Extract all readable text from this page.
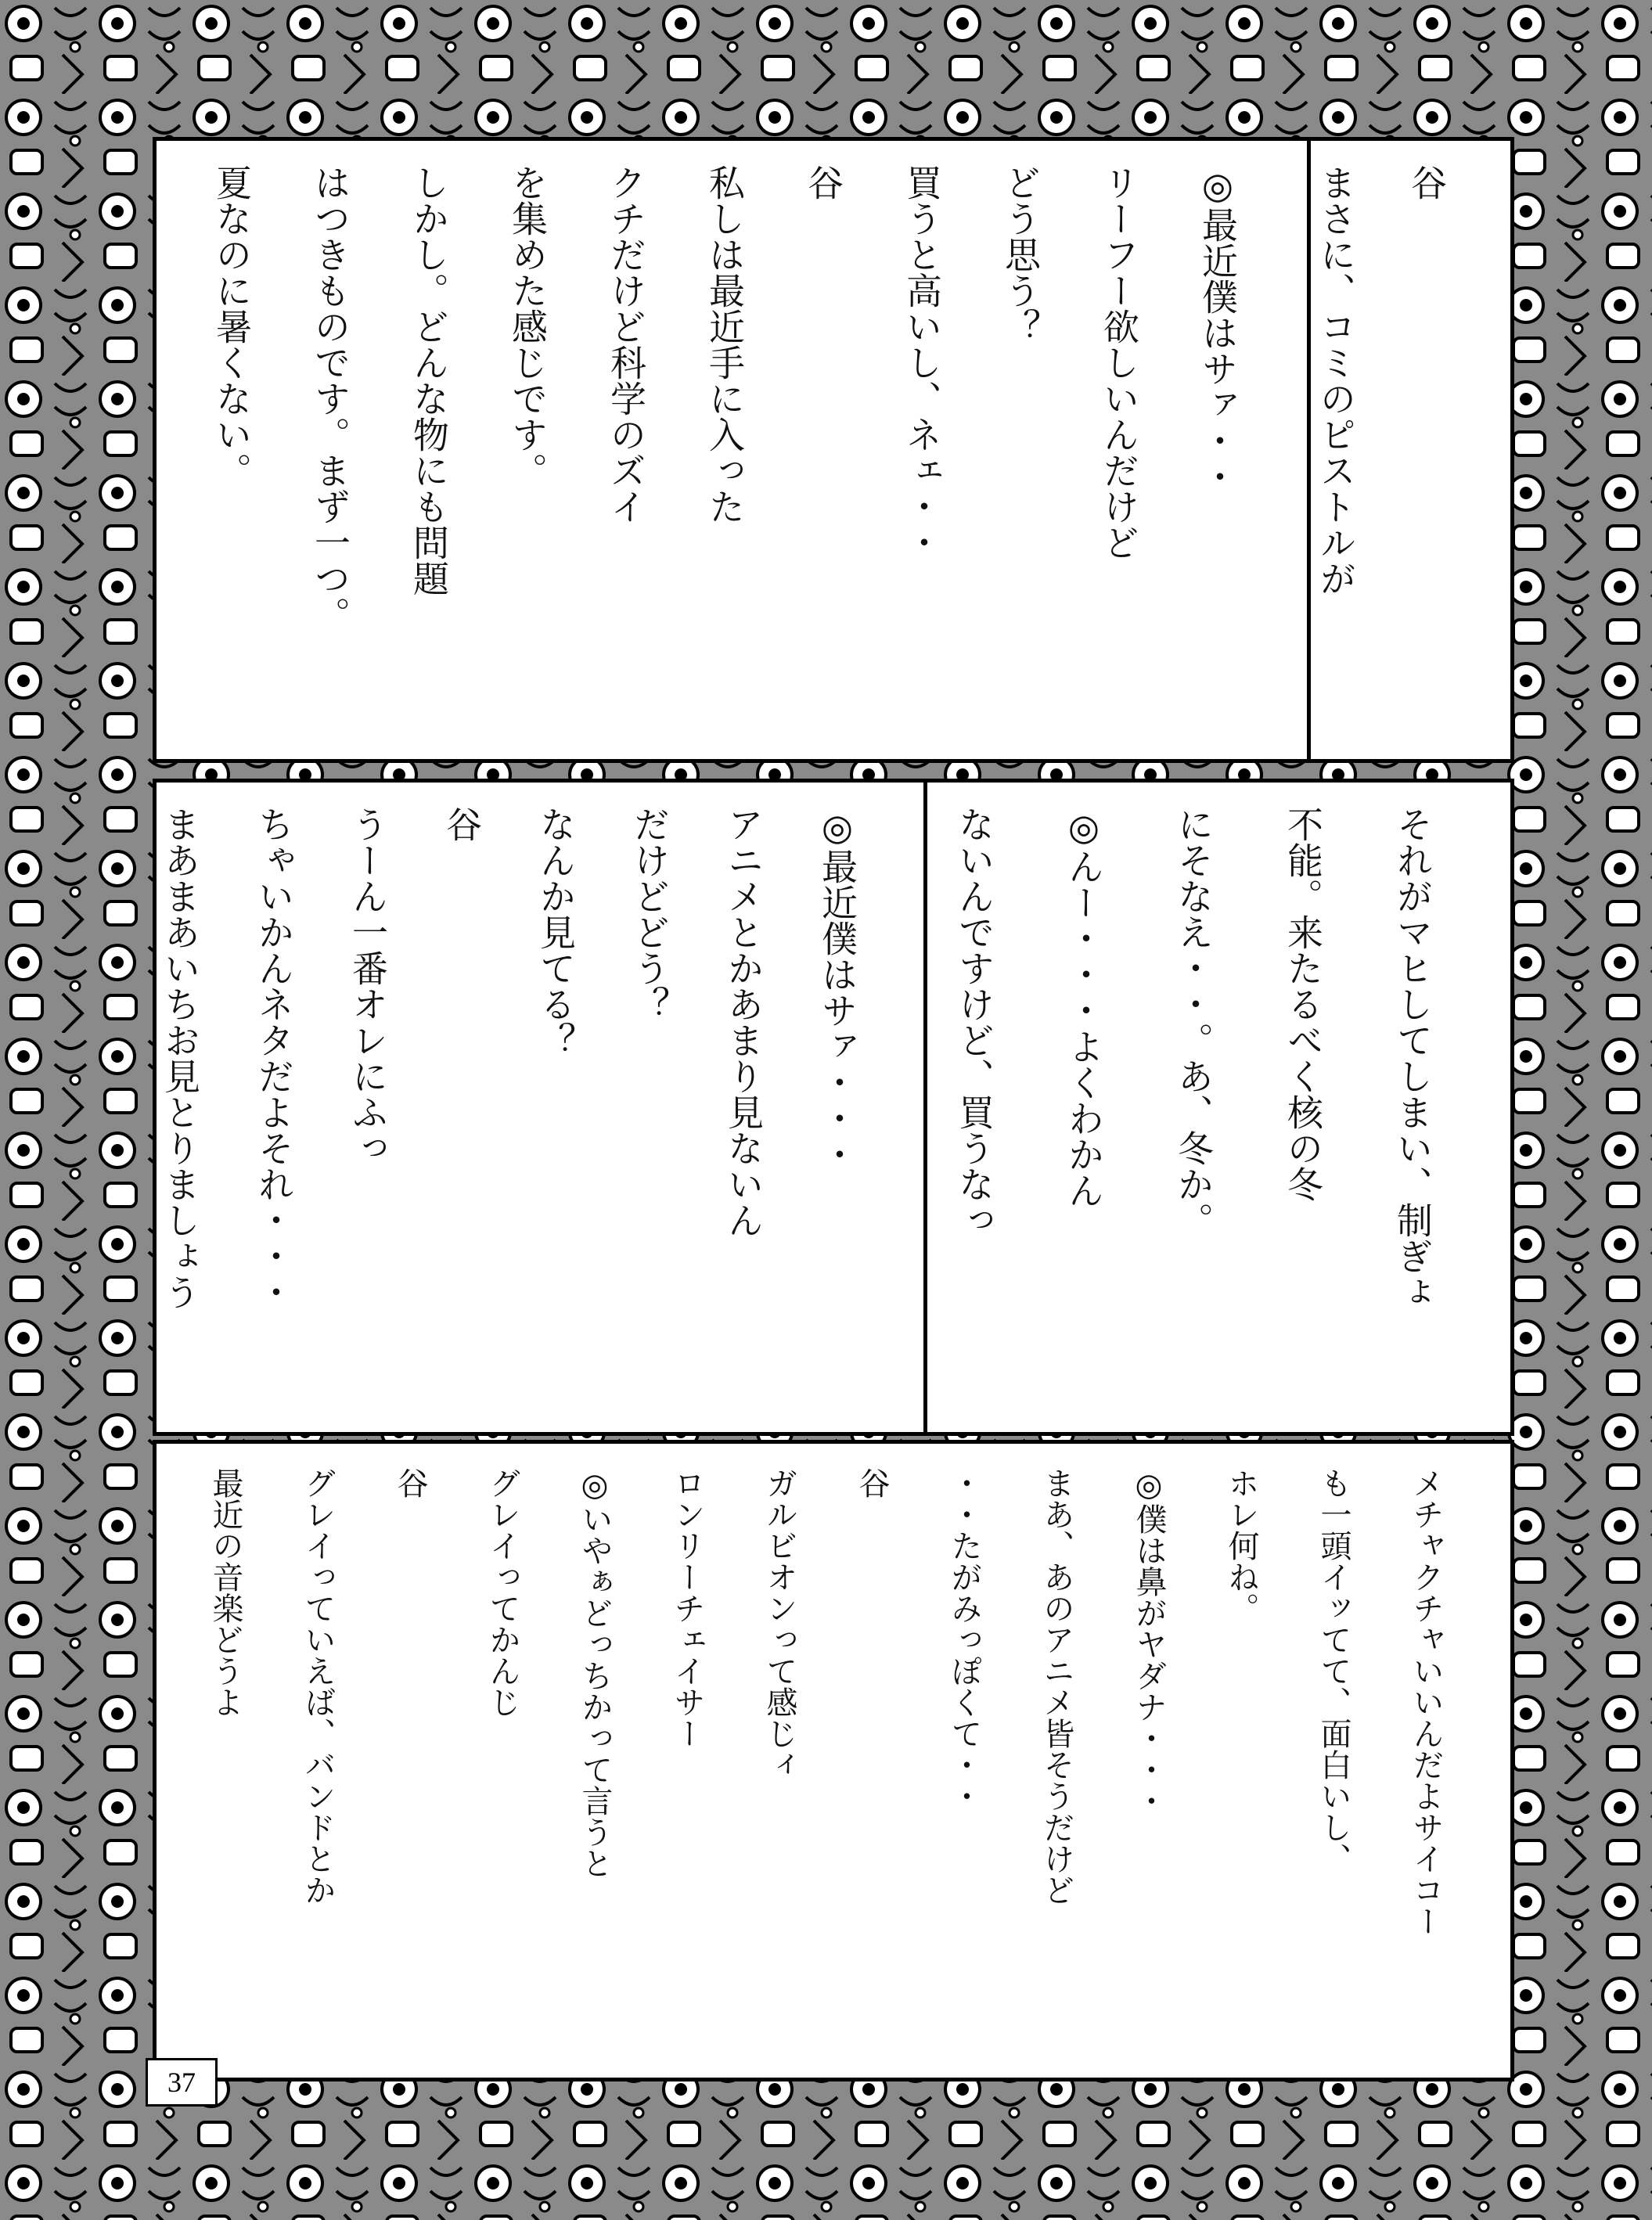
谷

まさに、コミのピストルが

◎最近僕はサァ・・

リーフー欲しいんだけど

どう思う？

買うと高いし、ネェ・・

谷

私しは最近手に入った

クチだけど科学のズイ

を集めた感じです。

しかし。どんな物にも問題

はつきものです。まず一つ。

夏なのに暑くない。

夏を感じない。ということ

それがマヒしてしまい、制ぎょ

不能。来たるべく核の冬

にそなえ・・。あ、冬か。

◎んー・・・よくわかん

ないんですけど、買うなっ

◎最近僕はサァ・・・

アニメとかあまり見ないん

だけどどう？

なんか見てる？

谷

うーん一番オレにふっ

ちゃいかんネタだよそれ・・・

まあまあいちお見とりましょう

メチャクチャいいんだよサイコー

も一頭イッてて、面白いし、

ホレ何ね。

◎僕は鼻がヤダナ・・・

まあ、あのアニメ皆そうだけど

・・たがみっぽくて・・

谷

ガルビオンって感じィ

ロンリーチェイサー

◎いやぁどっちかって言うと

グレイってかんじ

谷

グレイっていえば、バンドとか

最近の音楽どうよ

37
